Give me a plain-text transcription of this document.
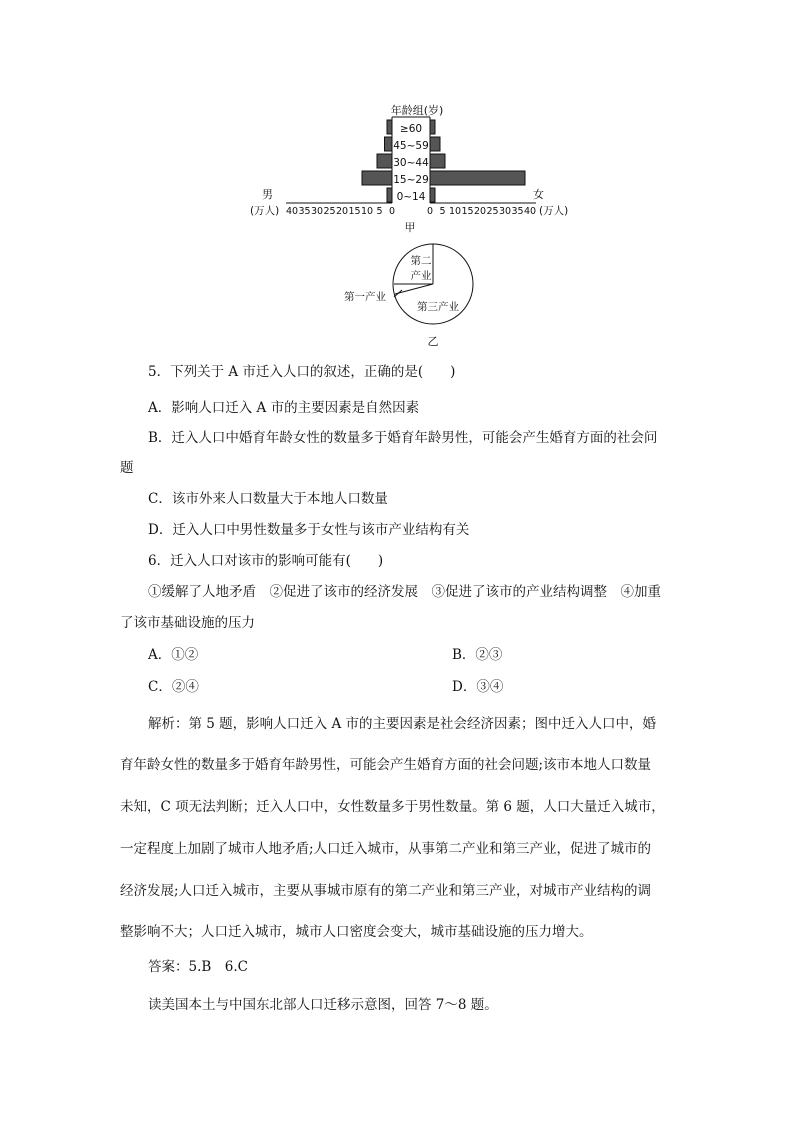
年龄组(岁)
≥60
45~59
30~44
15~29
0~14
40 35 30 25 20 15 10 5 0	0 5 10 15 20 25 30 35 40
男	女
(万人)	(万人)
甲
第二
产业
第三产业
第一产业
乙
5．下列关于 A 市迁入人口的叙述，正确的是(　　)
A．影响人口迁入 A 市的主要因素是自然因素
B．迁入人口中婚育年龄女性的数量多于婚育年龄男性，可能会产生婚育方面的社会问
题
C．该市外来人口数量大于本地人口数量
D．迁入人口中男性数量多于女性与该市产业结构有关
6．迁入人口对该市的影响可能有(　　)
①缓解了人地矛盾　②促进了该市的经济发展　③促进了该市的产业结构调整　④加重
了该市基础设施的压力
A．①②	B．②③
C．②④	D．③④
解析：第 5 题，影响人口迁入 A 市的主要因素是社会经济因素；图中迁入人口中，婚
育年龄女性的数量多于婚育年龄男性，可能会产生婚育方面的社会问题;该市本地人口数量
未知，C 项无法判断；迁入人口中，女性数量多于男性数量。第 6 题，人口大量迁入城市，
一定程度上加剧了城市人地矛盾;人口迁入城市，从事第二产业和第三产业，促进了城市的
经济发展;人口迁入城市，主要从事城市原有的第二产业和第三产业，对城市产业结构的调
整影响不大；人口迁入城市，城市人口密度会变大，城市基础设施的压力增大。
答案：5.B　6.C
读美国本土与中国东北部人口迁移示意图，回答 7～8 题。
